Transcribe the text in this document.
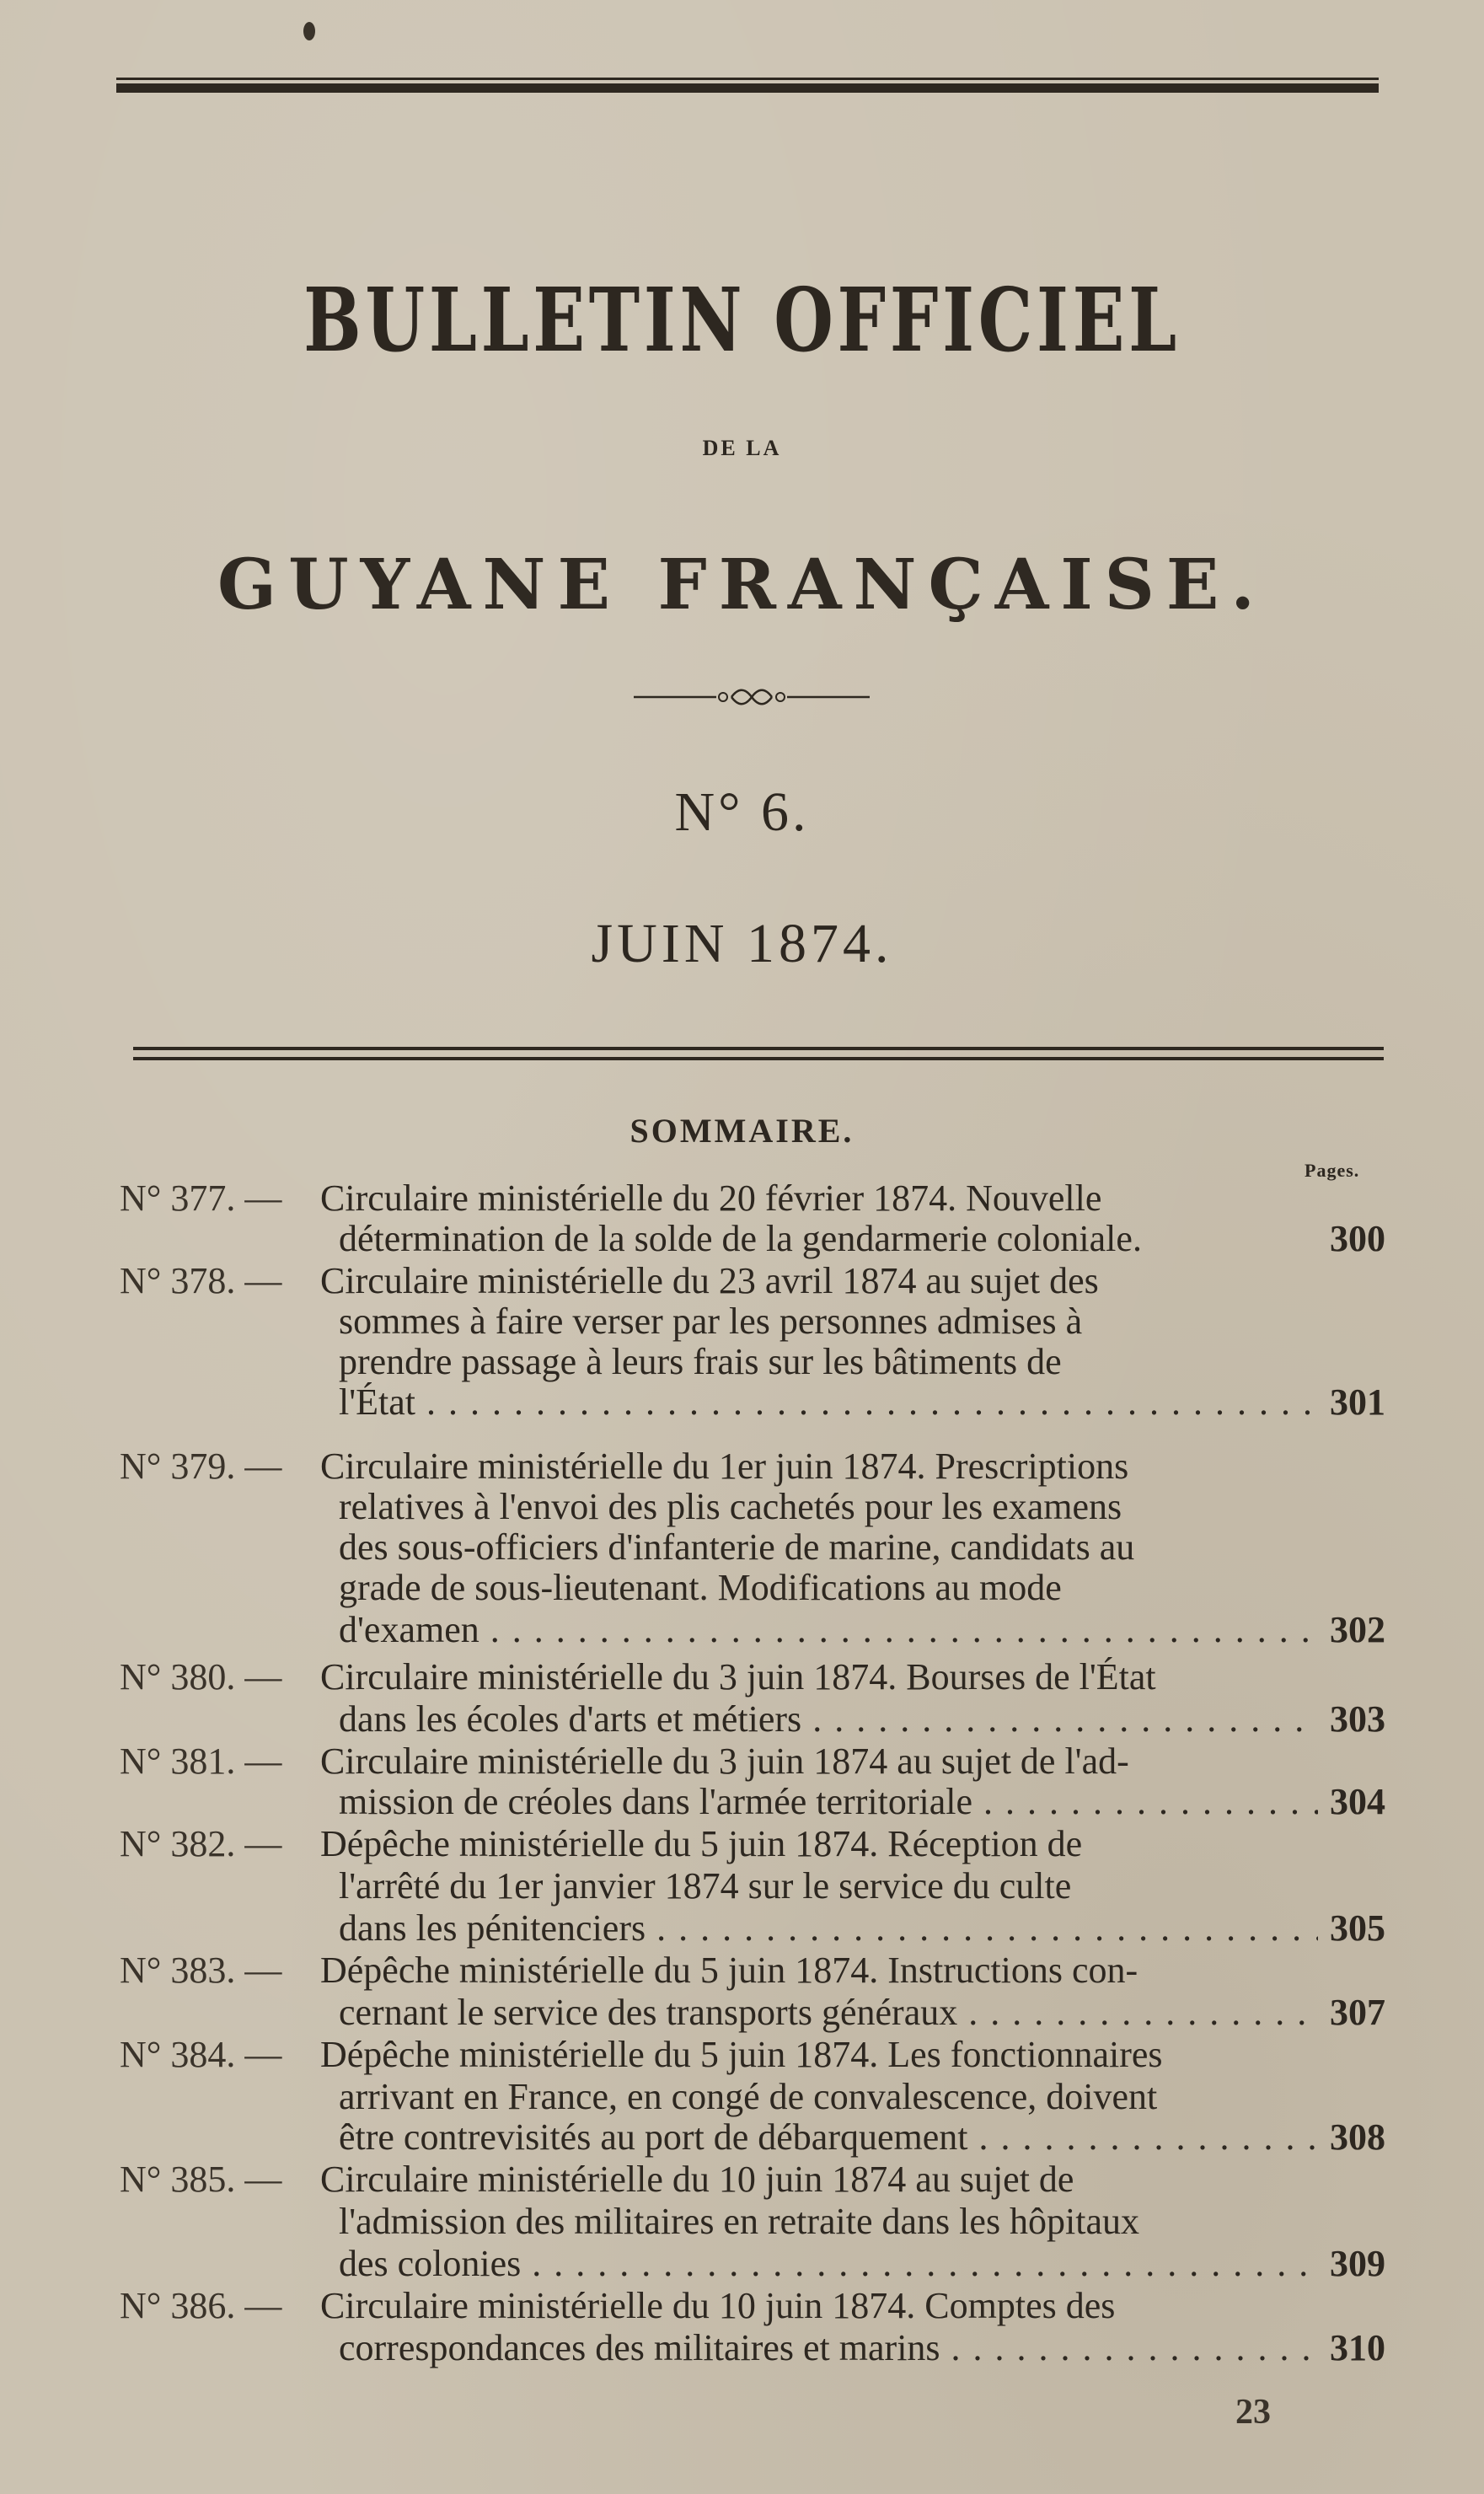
BULLETIN OFFICIEL
DE LA
GUYANE FRANÇAISE.
N° 6.
JUIN 1874.
SOMMAIRE.
Pages.
N° 377. — Circulaire ministérielle du 20 février 1874. Nouvelle
détermination de la solde de la gendarmerie coloniale.	300
N° 378. — Circulaire ministérielle du 23 avril 1874 au sujet des
sommes à faire verser par les personnes admises à
prendre passage à leurs frais sur les bâtiments de
l'État . . .	301
N° 379. — Circulaire ministérielle du 1er juin 1874. Prescriptions
relatives à l'envoi des plis cachetés pour les examens
des sous-officiers d'infanterie de marine, candidats au
grade de sous-lieutenant. Modifications au mode
d'examen . . .	302
N° 380. — Circulaire ministérielle du 3 juin 1874. Bourses de l'État
dans les écoles d'arts et métiers . . .	303
N° 381. — Circulaire ministérielle du 3 juin 1874 au sujet de l'ad-
mission de créoles dans l'armée territoriale . . .	304
N° 382. — Dépêche ministérielle du 5 juin 1874. Réception de
l'arrêté du 1er janvier 1874 sur le service du culte
dans les pénitenciers . . .	305
N° 383. — Dépêche ministérielle du 5 juin 1874. Instructions con-
cernant le service des transports généraux . . .	307
N° 384. — Dépêche ministérielle du 5 juin 1874. Les fonctionnaires
arrivant en France, en congé de convalescence, doivent
être contrevisités au port de débarquement . . .	308
N° 385. — Circulaire ministérielle du 10 juin 1874 au sujet de
l'admission des militaires en retraite dans les hôpitaux
des colonies . . .	309
N° 386. — Circulaire ministérielle du 10 juin 1874. Comptes des
correspondances des militaires et marins . . .	310
23
